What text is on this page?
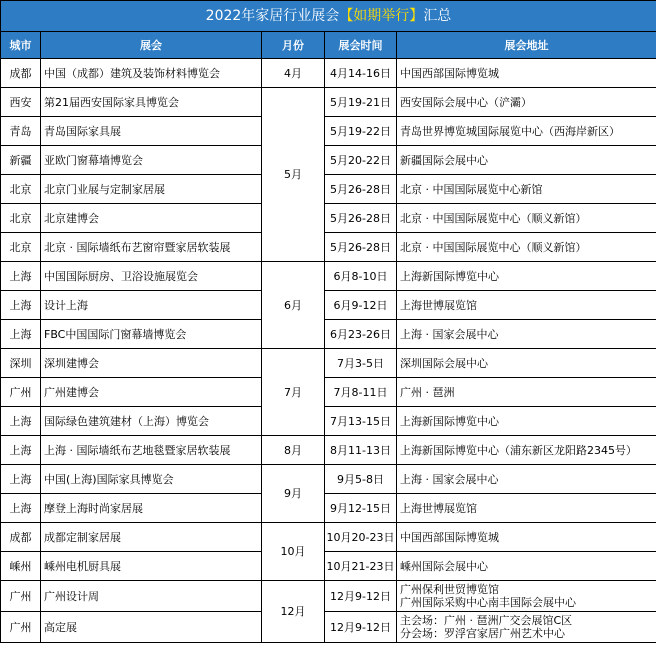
2022年家居行业展会【如期举行】汇总				
城市	展会	月份	展会时间	展会地址
成都	中国（成都）建筑及装饰材料博览会	4月	4月14-16日	中国西部国际博览城
西安	第21届西安国际家具博览会	5月	5月19-21日	西安国际会展中心（浐灞）
青岛	青岛国际家具展		5月19-22日	青岛世界博览城国际展览中心（西海岸新区）
新疆	亚欧门窗幕墙博览会		5月20-22日	新疆国际会展中心
北京	北京门业展与定制家居展		5月26-28日	北京 · 中国国际展览中心新馆
北京	北京建博会		5月26-28日	北京 · 中国国际展览中心（顺义新馆）
北京	北京 · 国际墙纸布艺窗帘暨家居软装展		5月26-28日	北京 · 中国国际展览中心（顺义新馆）
上海	中国国际厨房、卫浴设施展览会	6月	6月8-10日	上海新国际博览中心
上海	设计上海		6月9-12日	上海世博展览馆
上海	FBC中国国际门窗幕墙博览会		6月23-26日	上海 · 国家会展中心
深圳	深圳建博会	7月	7月3-5日	深圳国际会展中心
广州	广州建博会		7月8-11日	广州 · 琶洲
上海	国际绿色建筑建材（上海）博览会		7月13-15日	上海新国际博览中心
上海	上海 · 国际墙纸布艺地毯暨家居软装展	8月	8月11-13日	上海新国际博览中心（浦东新区龙阳路2345号）
上海	中国(上海)国际家具博览会	9月	9月5-8日	上海 · 国家会展中心
上海	摩登上海时尚家居展		9月12-15日	上海世博展览馆
成都	成都定制家居展	10月	10月20-23日	中国西部国际博览城
嵊州	嵊州电机厨具展		10月21-23日	嵊州国际会展中心
广州	广州设计周	12月	12月9-12日	广州保利世贸博览馆
广州国际采购中心南丰国际会展中心

广州	高定展		12月9-12日	主会场：广州 · 琶洲广交会展馆C区
分会场：罗浮宫家居广州艺术中心
